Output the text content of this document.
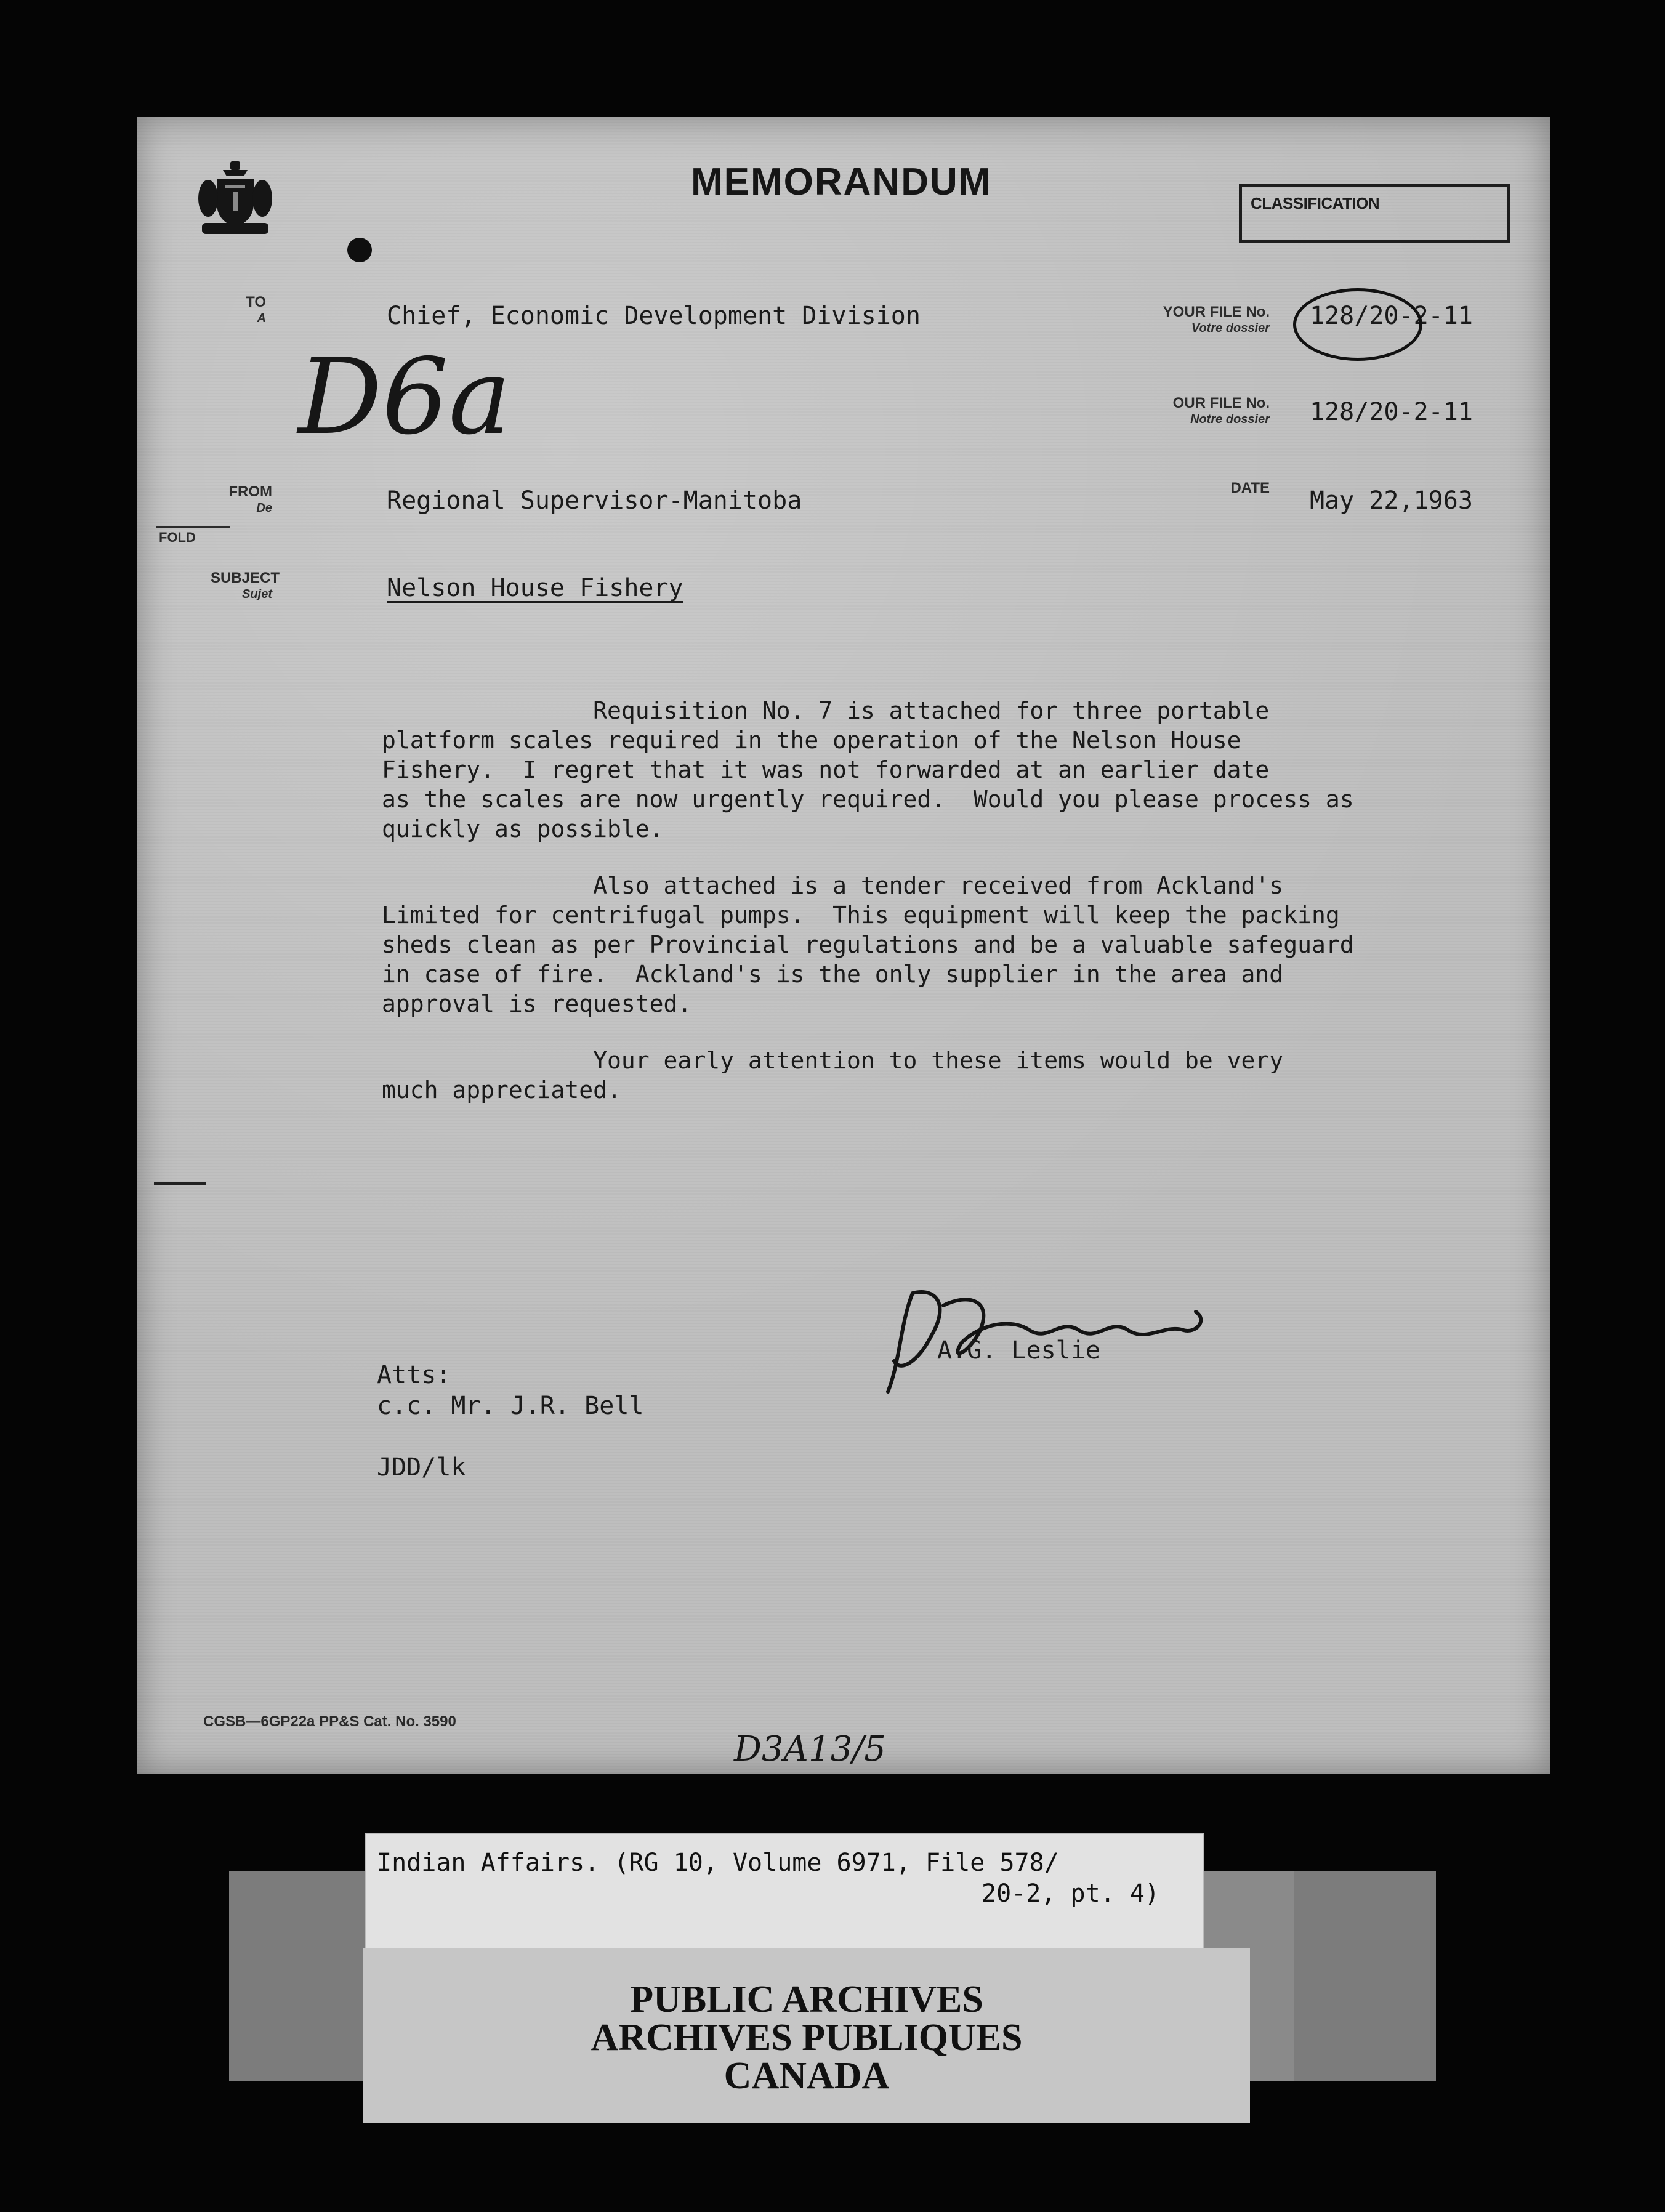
MEMORANDUM	CLASSIFICATION
TO
A	Chief, Economic Development Division
D6a
YOUR FILE No.
Votre dossier 128/20-2-11
OUR FILE No.
Notre dossier 128/20-2-11
FROM
De	Regional Supervisor-Manitoba	DATE May 22,1963
FOLD
SUBJECT
Sujet	Nelson House Fishery
Requisition No. 7 is attached for three portable
platform scales required in the operation of the Nelson House
Fishery.  I regret that it was not forwarded at an earlier date
as the scales are now urgently required.  Would you please process as
quickly as possible.
Also attached is a tender received from Ackland's
Limited for centrifugal pumps.  This equipment will keep the packing
sheds clean as per Provincial regulations and be a valuable safeguard
in case of fire.  Ackland's is the only supplier in the area and
approval is requested.
Your early attention to these items would be very
much appreciated.
A.G. Leslie
Atts:
c.c. Mr. J.R. Bell
JDD/lk
CGSB—6GP22a PP&S Cat. No. 3590
D3A13/5
Indian Affairs. (RG 10, Volume 6971, File 578/
20-2, pt. 4)
PUBLIC ARCHIVES
ARCHIVES PUBLIQUES
CANADA
